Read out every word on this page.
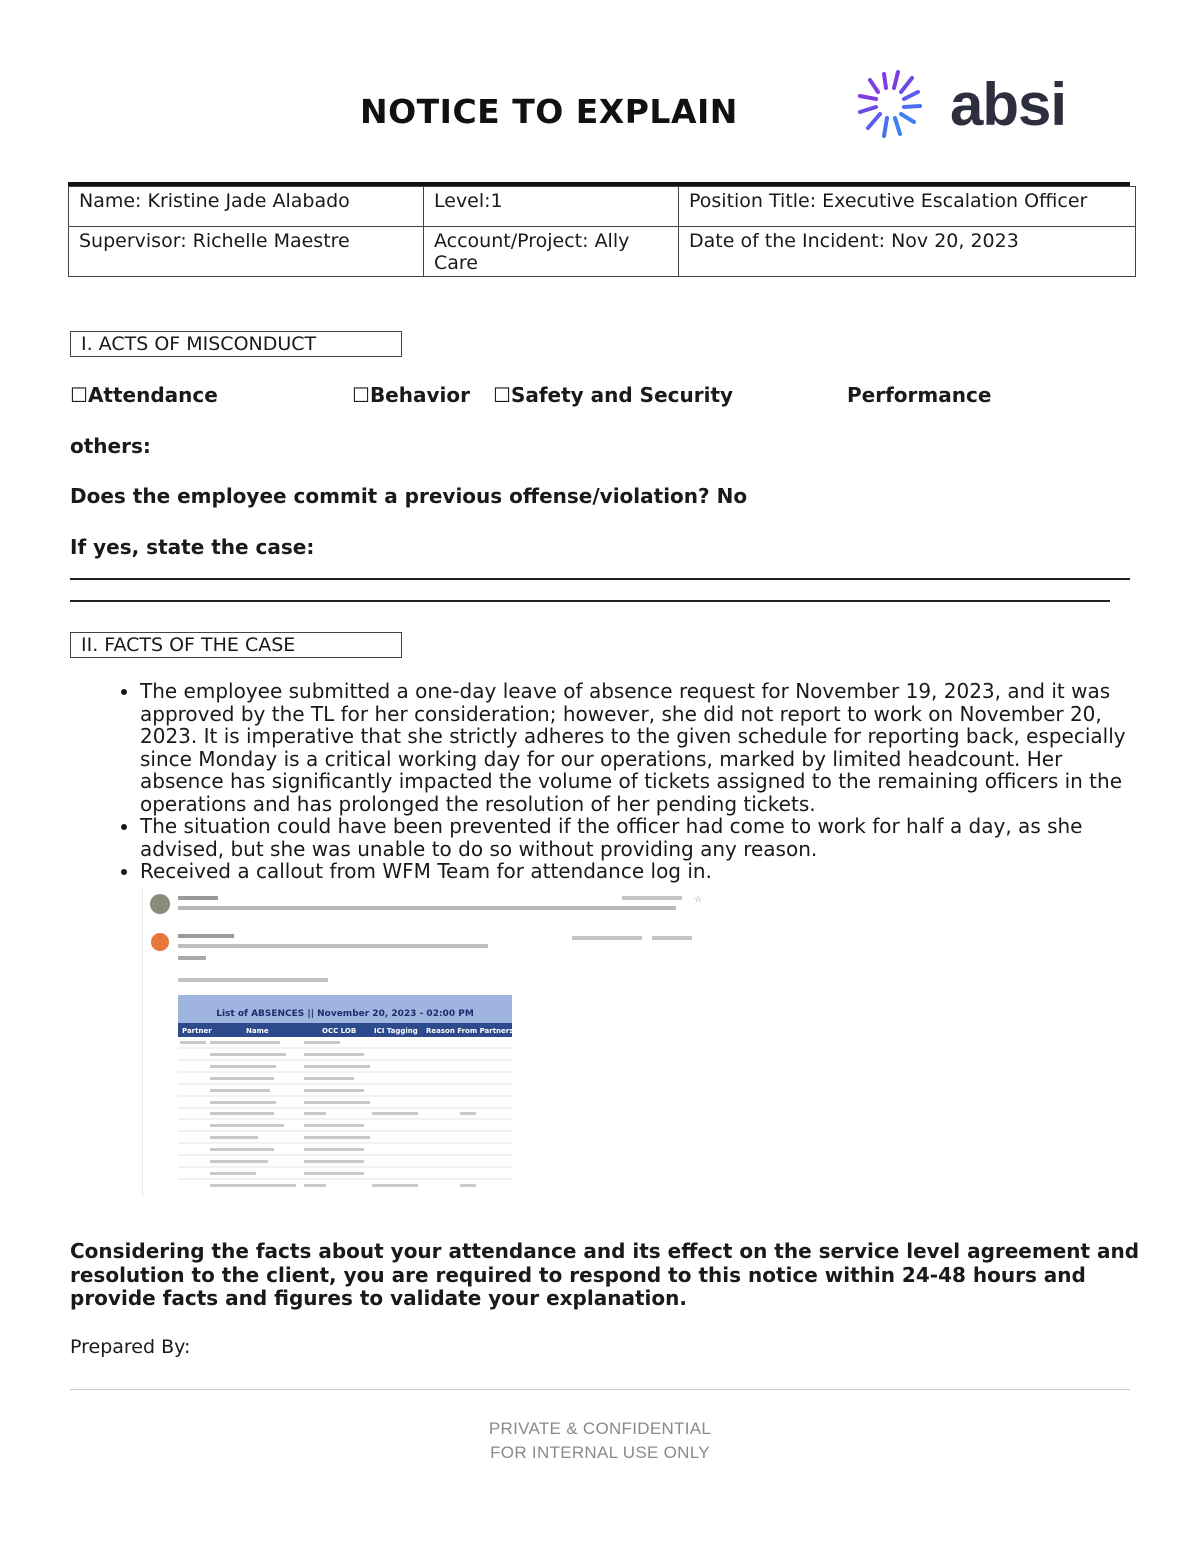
NOTICE TO EXPLAIN	absi
Name: Kristine Jade Alabado	Level:1	Position Title: Executive Escalation Officer
Supervisor: Richelle Maestre	Account/Project: Ally Care	Date of the Incident: Nov 20, 2023
I. ACTS OF MISCONDUCT
☐Attendance	☐Behavior ☐Safety and Security	Performance
others:
Does the employee commit a previous offense/violation? No
If yes, state the case:
II. FACTS OF THE CASE
• The employee submitted a one-day leave of absence request for November 19, 2023, and it was approved by the TL for her consideration; however, she did not report to work on November 20, 2023. It is imperative that she strictly adheres to the given schedule for reporting back, especially since Monday is a critical working day for our operations, marked by limited headcount. Her absence has significantly impacted the volume of tickets assigned to the remaining officers in the operations and has prolonged the resolution of her pending tickets.
• The situation could have been prevented if the officer had come to work for half a day, as she advised, but she was unable to do so without providing any reason.
• Received a callout from WFM Team for attendance log in.
☆
List of ABSENCES || November 20, 2023 - 02:00 PM
Partner	Name	OCC LOB	ICI Tagging Reason From Partners
Considering the facts about your attendance and its effect on the service level agreement and resolution to the client, you are required to respond to this notice within 24-48 hours and provide facts and figures to validate your explanation.
Prepared By:
PRIVATE & CONFIDENTIAL
FOR INTERNAL USE ONLY
